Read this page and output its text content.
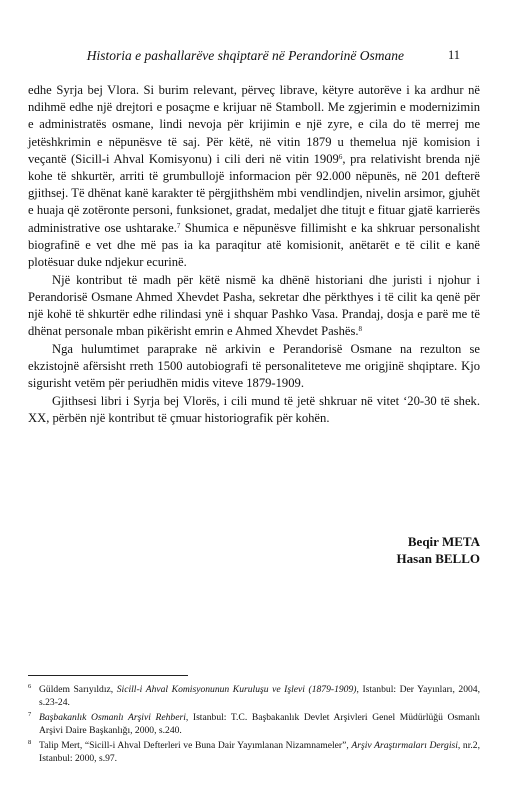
Historia e pashallarëve shqiptarë në Perandorinë Osmane	11

edhe Syrja bej Vlora. Si burim relevant, përveç librave, këtyre autorëve i ka ardhur në ndihmë edhe një drejtori e posaçme e krijuar në Stamboll. Me zgjerimin e modernizimin e administratës osmane, lindi nevoja për krijimin e një zyre, e cila do të merrej me jetëshkrimin e nëpunësve të saj. Për këtë, në vitin 1879 u themelua një komision i veçantë (Sicill-i Ahval Komisyonu) i cili deri në vitin 1909$^6$, pra relativisht brenda një kohe të shkurtër, arriti të grumbullojë informacion për 92.000 nëpunës, në 201 defterë gjithsej. Të dhënat kanë karakter të përgjithshëm mbi vendlindjen, nivelin arsimor, gjuhët e huaja që zotëronte personi, funksionet, gradat, medaljet dhe titujt e fituar gjatë karrierës administrative ose ushtarake.$^7$ Shumica e nëpunësve fillimisht e ka shkruar personalisht biografinë e vet dhe më pas ia ka paraqitur atë komisionit, anëtarët e të cilit e kanë plotësuar duke ndjekur ecurinë.

Një kontribut të madh për këtë nismë ka dhënë historiani dhe juristi i njohur i Perandorisë Osmane Ahmed Xhevdet Pasha, sekretar dhe përkthyes i të cilit ka qenë për një kohë të shkurtër edhe rilindasi ynë i shquar Pashko Vasa. Prandaj, dosja e parë me të dhënat personale mban pikërisht emrin e Ahmed Xhevdet Pashës.$^8$

Nga hulumtimet paraprake në arkivin e Perandorisë Osmane na rezulton se ekzistojnë afërsisht rreth 1500 autobiografi të personaliteteve me origjinë shqiptare. Kjo sigurisht vetëm për periudhën midis viteve 1879-1909.

Gjithsesi libri i Syrja bej Vlorës, i cili mund të jetë shkruar në vitet ‘20-30 të shek. XX, përbën një kontribut të çmuar historiografik për kohën.

Beqir META
Hasan BELLO
6 Güldem Sarıyıldız, Sicill-i Ahval Komisyonunun Kuruluşu ve Işlevi (1879-1909), Istanbul: Der Yayınları, 2004, s.23-24.
7 Başbakanlık Osmanlı Arşivi Rehberi, Istanbul: T.C. Başbakanlık Devlet Arşivleri Genel Müdürlüğü Osmanlı Arşivi Daire Başkanlığı, 2000, s.240.
8 Talip Mert, “Sicill-i Ahval Defterleri ve Buna Dair Yayımlanan Nizamnameler”, Arşiv Araştırmaları Dergisi, nr.2, Istanbul: 2000, s.97.
